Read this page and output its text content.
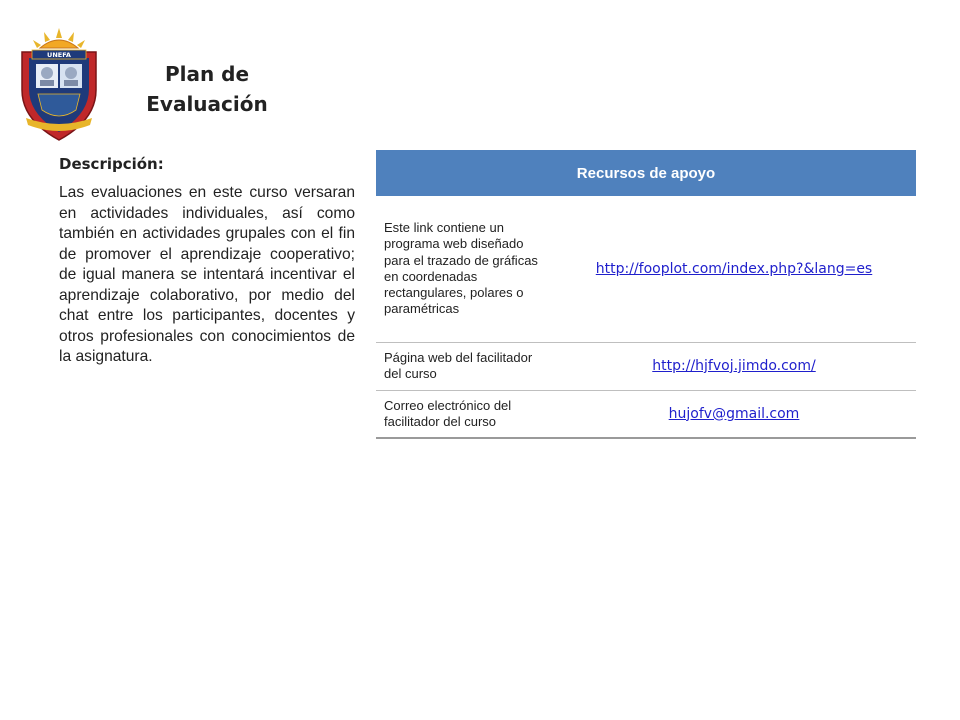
UNEFA
Plan de
Evaluación
Descripción:
Las evaluaciones en este curso versaran en actividades individuales, así como también en actividades grupales con el fin de promover el aprendizaje cooperativo; de igual manera se intentará incentivar el aprendizaje colaborativo, por medio del chat entre los participantes, docentes y otros profesionales con conocimientos de la asignatura.
Recursos de apoyo	
Este link contiene un programa web diseñado para el trazado de gráficas en coordenadas rectangulares, polares o paramétricas	http://fooplot.com/index.php?&lang=es
Página web del facilitador del curso	http://hjfvoj.jimdo.com/
Correo electrónico del facilitador del curso	hujofv@gmail.com
